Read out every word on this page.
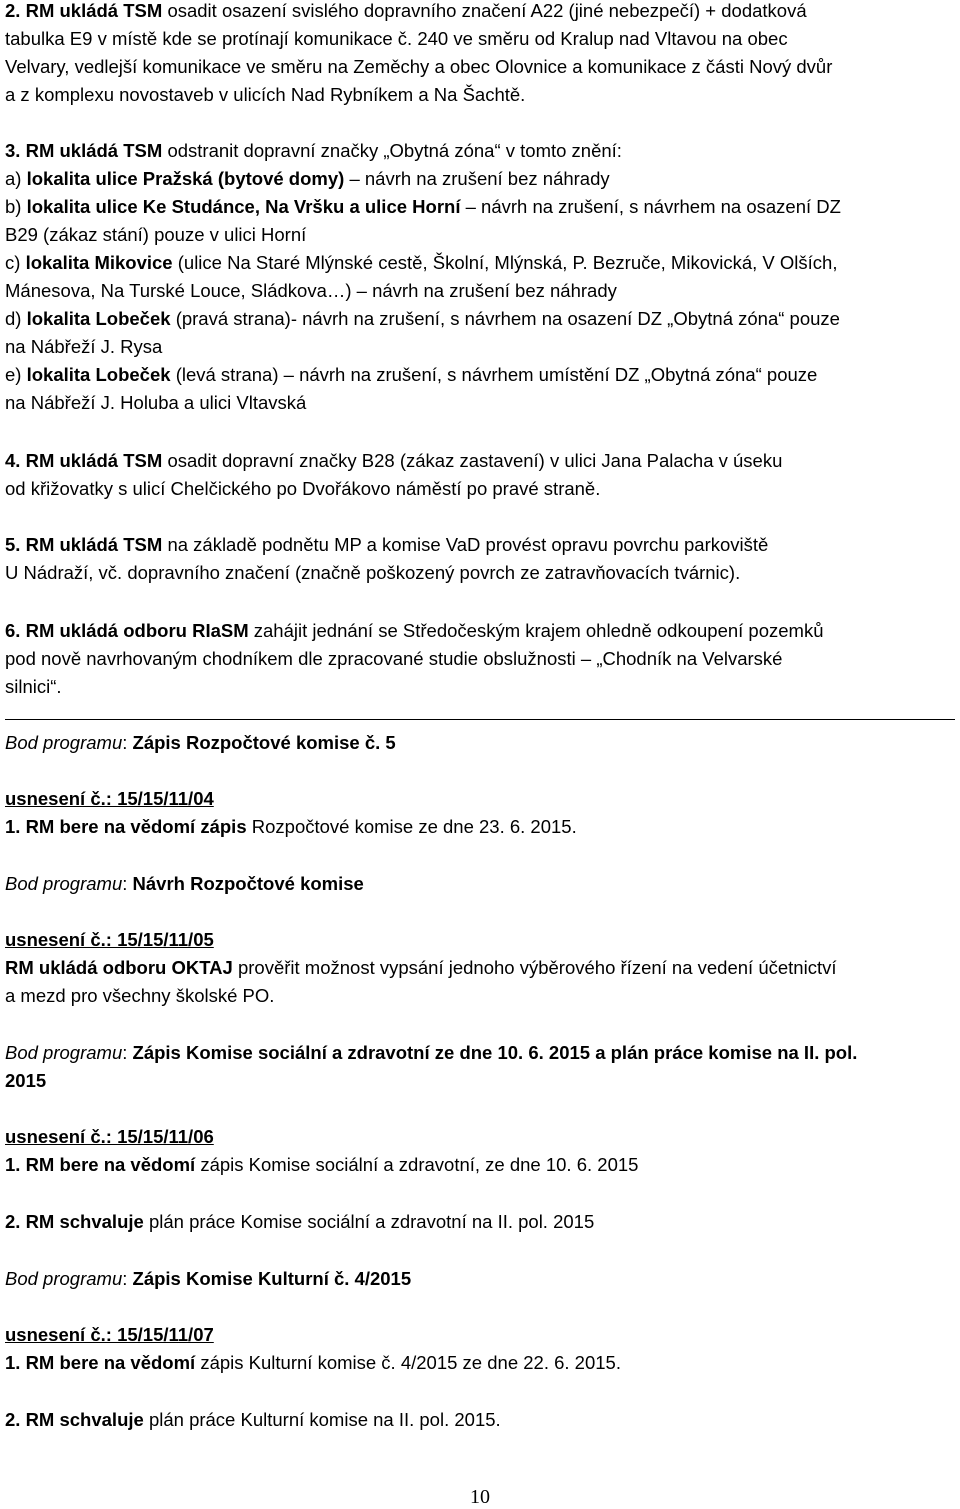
2. RM ukládá TSM osadit osazení svislého dopravního značení A22 (jiné nebezpečí) + dodatková
tabulka E9 v místě kde se protínají komunikace č. 240 ve směru od Kralup nad Vltavou na obec
Velvary, vedlejší komunikace ve směru na Zeměchy a obec Olovnice a komunikace z části Nový dvůr
a z komplexu novostaveb v ulicích Nad Rybníkem a Na Šachtě.
3. RM ukládá TSM odstranit dopravní značky „Obytná zóna“ v tomto znění:
a) lokalita ulice Pražská (bytové domy) – návrh na zrušení bez náhrady
b) lokalita ulice Ke Studánce, Na Vršku a ulice Horní – návrh na zrušení, s návrhem na osazení DZ
B29 (zákaz stání) pouze v ulici Horní
c) lokalita Mikovice (ulice Na Staré Mlýnské cestě, Školní, Mlýnská, P. Bezruče, Mikovická, V Olších,
Mánesova, Na Turské Louce, Sládkova…) – návrh na zrušení bez náhrady
d) lokalita Lobeček (pravá strana)- návrh na zrušení, s návrhem na osazení DZ „Obytná zóna“ pouze
na Nábřeží J. Rysa
e) lokalita Lobeček (levá strana) – návrh na zrušení, s návrhem umístění DZ „Obytná zóna“ pouze
na Nábřeží J. Holuba a ulici Vltavská
4. RM ukládá TSM osadit dopravní značky B28 (zákaz zastavení) v ulici Jana Palacha v úseku
od křižovatky s ulicí Chelčického po Dvořákovo náměstí po pravé straně.
5. RM ukládá TSM na základě podnětu MP a komise VaD provést opravu povrchu parkoviště
U Nádraží, vč. dopravního značení (značně poškozený povrch ze zatravňovacích tvárnic).
6. RM ukládá odboru RIaSM zahájit jednání se Středočeským krajem ohledně odkoupení pozemků
pod nově navrhovaným chodníkem dle zpracované studie obslužnosti – „Chodník na Velvarské
silnici“.
Bod programu: Zápis Rozpočtové komise č. 5
usnesení č.: 15/15/11/04
1. RM bere na vědomí zápis Rozpočtové komise ze dne 23. 6. 2015.
Bod programu: Návrh Rozpočtové komise
usnesení č.: 15/15/11/05
RM ukládá odboru OKTAJ prověřit možnost vypsání jednoho výběrového řízení na vedení účetnictví
a mezd pro všechny školské PO.
Bod programu: Zápis Komise sociální a zdravotní ze dne 10. 6. 2015 a plán práce komise na II. pol.
2015
usnesení č.: 15/15/11/06
1. RM bere na vědomí zápis Komise sociální a zdravotní, ze dne 10. 6. 2015
2. RM schvaluje plán práce Komise sociální a zdravotní na II. pol. 2015
Bod programu: Zápis Komise Kulturní č. 4/2015
usnesení č.: 15/15/11/07
1. RM bere na vědomí zápis Kulturní komise č. 4/2015 ze dne 22. 6. 2015.
2. RM schvaluje plán práce Kulturní komise na II. pol. 2015.
10
